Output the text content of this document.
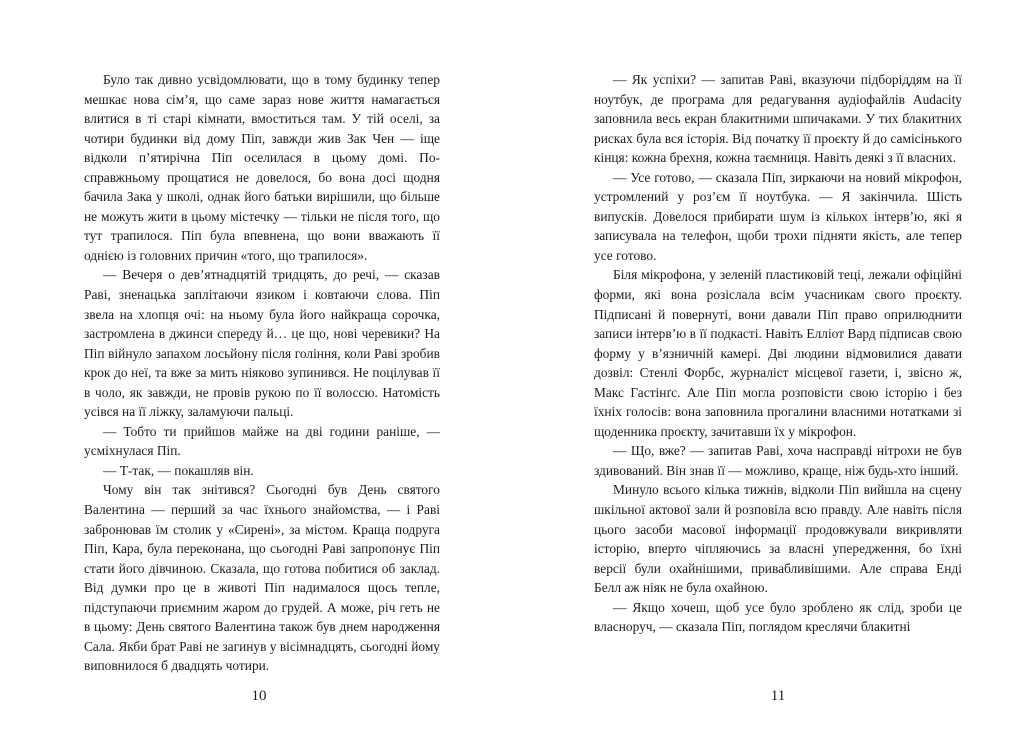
Було так дивно усвідомлювати, що в тому будинку тепер мешкає нова сім’я, що саме зараз нове життя намагається влитися в ті старі кімнати, вмоститься там. У тій оселі, за чотири будинки від дому Піп, завжди жив Зак Чен — іще відколи п’ятирічна Піп оселилася в цьому домі. По-справжньому прощатися не довелося, бо вона досі щодня бачила Зака у школі, однак його батьки вирішили, що більше не можуть жити в цьому містечку — тільки не після того, що тут трапилося. Піп була впевнена, що вони вважають її однією із головних причин «того, що трапилося».

— Вечеря о дев’ятнадцятій тридцять, до речі, — сказав Раві, зненацька заплітаючи язиком і ковтаючи слова. Піп звела на хлопця очі: на ньому була його найкраща сорочка, застромлена в джинси спереду й… це що, нові черевики? На Піп війнуло запахом лосьйону після гоління, коли Раві зробив крок до неї, та вже за мить ніяково зупинився. Не поцілував її в чоло, як завжди, не провів рукою по її волоссю. Натомість усівся на її ліжку, заламуючи пальці.

— Тобто ти прийшов майже на дві години раніше, — усміхнулася Піп.

— Т-так, — покашляв він.

Чому він так знітився? Сьогодні був День святого Валентина — перший за час їхнього знайомства, — і Раві забронював їм столик у «Сирені», за містом. Краща подруга Піп, Кара, була переконана, що сьогодні Раві запропонує Піп стати його дівчиною. Сказала, що готова побитися об заклад. Від думки про це в животі Піп надималося щось тепле, підступаючи приємним жаром до грудей. А може, річ геть не в цьому: День святого Валентина також був днем народження Сала. Якби брат Раві не загинув у вісімнадцять, сьогодні йому виповнилося б двадцять чотири.

10

— Як успіхи? — запитав Раві, вказуючи підборіддям на її ноутбук, де програма для редагування аудіофайлів Audacity заповнила весь екран блакитними шпичаками. У тих блакитних рисках була вся історія. Від початку її проєкту й до самісінького кінця: кожна брехня, кожна таємниця. Навіть деякі з її власних.

— Усе готово, — сказала Піп, зиркаючи на новий мікрофон, устромлений у роз’єм її ноутбука. — Я закінчила. Шість випусків. Довелося прибирати шум із кількох інтерв’ю, які я записувала на телефон, щоби трохи підняти якість, але тепер усе готово.

Біля мікрофона, у зеленій пластиковій теці, лежали офіційні форми, які вона розіслала всім учасникам свого проєкту. Підписані й повернуті, вони давали Піп право оприлюднити записи інтерв’ю в її подкасті. Навіть Елліот Вард підписав свою форму у в’язничній камері. Дві людини відмовилися давати дозвіл: Стенлі Форбс, журналіст місцевої газети, і, звісно ж, Макс Гастінґс. Але Піп могла розповісти свою історію і без їхніх голосів: вона заповнила прогалини власними нотатками зі щоденника проєкту, зачитавши їх у мікрофон.

— Що, вже? — запитав Раві, хоча насправді нітрохи не був здивований. Він знав її — можливо, краще, ніж будь-хто інший.

Минуло всього кілька тижнів, відколи Піп вийшла на сцену шкільної актової зали й розповіла всю правду. Але навіть після цього засоби масової інформації продовжували викривляти історію, вперто чіпляючись за власні упередження, бо їхні версії були охайнішими, привабливішими. Але справа Енді Белл аж ніяк не була охайною.

— Якщо хочеш, щоб усе було зроблено як слід, зроби це власноруч, — сказала Піп, поглядом креслячи блакитні

11
